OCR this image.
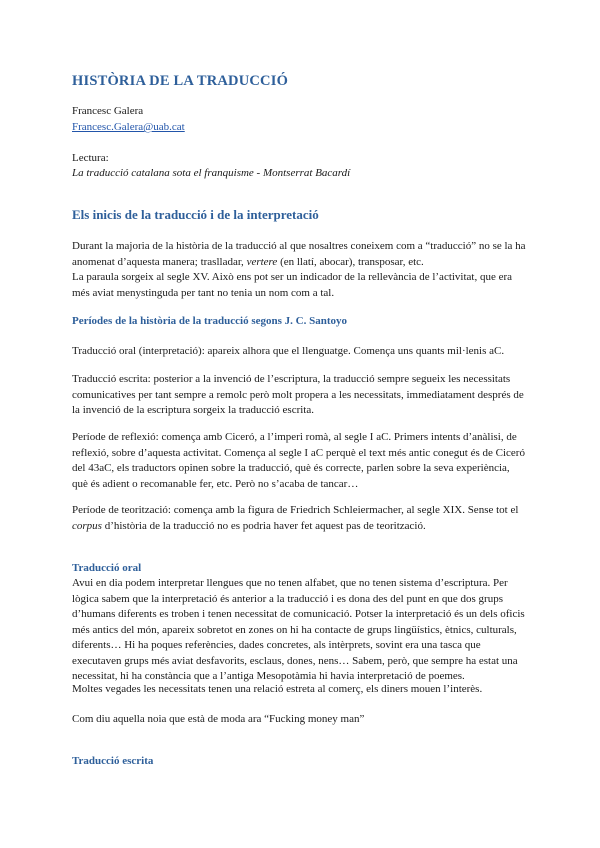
HISTÒRIA DE LA TRADUCCIÓ

Francesc Galera

Francesc.Galera@uab.cat

Lectura:

La traducció catalana sota el franquisme - Montserrat Bacardí

Els inicis de la traducció i de la interpretació

Durant la majoria de la història de la traducció al que nosaltres coneixem com a “traducció” no se la ha anomenat d’aquesta manera; traslladar, vertere (en llatí, abocar), transposar, etc.
La paraula sorgeix al segle XV. Això ens pot ser un indicador de la rellevància de l’activitat, que era més aviat menystinguda per tant no tenia un nom com a tal.

Períodes de la història de la traducció segons J. C. Santoyo

Traducció oral (interpretació): apareix alhora que el llenguatge. Comença uns quants mil·lenis aC.

Traducció escrita: posterior a la invenció de l’escriptura, la traducció sempre segueix les necessitats comunicatives per tant sempre a remolc però molt propera a les necessitats, immediatament després de la invenció de la escriptura sorgeix la traducció escrita.

Període de reflexió: comença amb Ciceró, a l’imperi romà, al segle I aC. Primers intents d’anàlisi, de reflexió, sobre d’aquesta activitat. Comença al segle I aC perquè el text més antic conegut és de Ciceró del 43aC, els traductors opinen sobre la traducció, què és correcte, parlen sobre la seva experiència, què és adient o recomanable fer, etc. Però no s’acaba de tancar…

Període de teorització: comença amb la figura de Friedrich Schleiermacher, al segle XIX. Sense tot el corpus d’història de la traducció no es podria haver fet aquest pas de teorització.

Traducció oral

Avui en dia podem interpretar llengues que no tenen alfabet, que no tenen sistema d’escriptura. Per lògica sabem que la interpretació és anterior a la traducció i es dona des del punt en que dos grups d’humans diferents es troben i tenen necessitat de comunicació. Potser la interpretació és un dels oficis més antics del món, apareix sobretot en zones on hi ha contacte de grups lingüístics, ètnics, culturals, diferents… Hi ha poques referències, dades concretes, als intèrprets, sovint era una tasca que executaven grups més aviat desfavorits, esclaus, dones, nens… Sabem, però, que sempre ha estat una necessitat, hi ha constància que a l’antiga Mesopotàmia hi havia interpretació de poemes.

Moltes vegades les necessitats tenen una relació estreta al comerç, els diners mouen l’interès.

Com diu aquella noia que està de moda ara “Fucking money man”

Traducció escrita
